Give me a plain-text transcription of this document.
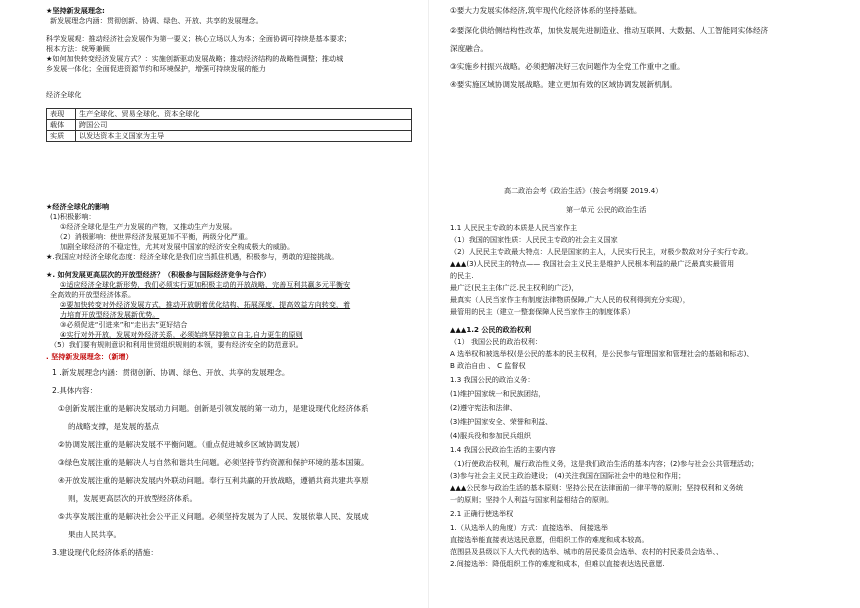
★坚持新发展理念:
新发展理念内涵：贯彻创新、协调、绿色、开放、共享的发展理念。
科学发展观：推动经济社会发展作为第一要义；核心立场以人为本；全面协调可持续是基本要求；
根本方法：统筹兼顾
★如何加快转变经济发展方式？：实施创新驱动发展战略；推动经济结构的战略性调整；推动城
乡发展一体化；全面促进资源节约和环境保护，增强可持续发展的能力
经济全球化
表现	生产全球化、贸易全球化、资本全球化
载体	跨国公司
实质	以发达资本主义国家为主导
★经济全球化的影响
(1)积极影响：
①经济全球化是生产力发展的产物，又推动生产力发展。
（2）消极影响：使世界经济发展更加不平衡，两级分化严重。
加剧全球经济的不稳定性，尤其对发展中国家的经济安全构成极大的威胁。
★.我国应对经济全球化态度：经济全球化是我们应当抓住机遇，积极参与，勇敢的迎接挑战。
★. 如何发展更高层次的开放型经济？（积极参与国际经济竞争与合作）
①适应经济全球化新形势，我们必须实行更加积极主动的开放战略，完善互利共赢多元平衡安
全高效的开放型经济体系。
②要加快转变对外经济发展方式，推动开放朝着优化结构、拓展深度、提高效益方向转变，着
力培育开放型经济发展新优势。
③必须促进“引进来”和“走出去”更好结合
④实行对外开放，发展对外经济关系，必须始终坚持独立自主,自力更生的原则
（5）我们要有规则意识和利用世贸组织规则的本领，要有经济安全的防范意识。
. 坚持新发展理念：（新增）
1 .新发展理念内涵：贯彻创新、协调、绿色、开放、共享的发展理念。
2.具体内容：
①创新发展注重的是解决发展动力问题。创新是引领发展的第一动力，是建设现代化经济体系
的战略支撑，是发展的基点
②协调发展注重的是解决发展不平衡问题。（重点促进城乡区域协调发展）
③绿色发展注重的是解决人与自然和谐共生问题。必须坚持节约资源和保护环境的基本国策。
④开放发展注重的是解决发展内外联动问题。奉行互利共赢的开放战略，遵循共商共建共享原
则，发展更高层次的开放型经济体系。
⑤共享发展注重的是解决社会公平正义问题。必须坚持发展为了人民、发展依靠人民、发展成
果由人民共享。
3.建设现代化经济体系的措施：
①要大力发展实体经济,筑牢现代化经济体系的坚持基础。
②要深化供给侧结构性改革，加快发展先进制造业、推动互联网、大数据、人工智能同实体经济
深度融合。
③实施乡村振兴战略。必须把解决好三农问题作为全党工作重中之重。
④要实施区域协调发展战略。建立更加有效的区域协调发展新机制。
高二政治会考《政治生活》（按会考纲要 2019.4）
第一单元 公民的政治生活
1.1 人民民主专政的本质是人民当家作主
（1）我国的国家性质：人民民主专政的社会主义国家
（2）人民民主专政最大特点：人民是国家的主人，人民实行民主，对极少数敌对分子实行专政。
▲▲▲(3)人民民主的特点—— 我国社会主义民主是维护人民根本利益的最广泛最真实最管用
的民主.
最广泛(民主主体广泛.民主权利的广泛)，
最真实（人民当家作主有制度法律物质保障,广大人民的权利得到充分实现），
最管用的民主（建立一整套保障人民当家作主的制度体系）
▲▲▲1.2 公民的政治权利
（1） 我国公民的政治权利：
A 选举权和被选举权(是公民的基本的民主权利，是公民参与管理国家和管理社会的基础和标志)、
B 政治自由 、 C 监督权
1.3 我国公民的政治义务：
(1)维护国家统一和民族团结，
(2)遵守宪法和法律、
(3)维护国家安全、荣誉和利益、
(4)服兵役和参加民兵组织
1.4 我国公民政治生活的主要内容
（1)行使政治权利，履行政治性义务，这是我们政治生活的基本内容；(2)参与社会公共管理活动；
(3)参与社会主义民主政治建设； (4)关注我国在国际社会中的地位和作用；
▲▲▲公民参与政治生活的基本原则：坚持公民在法律面前一律平等的原则；坚持权利和义务统
一的原则；坚持个人利益与国家利益相结合的原则。
2.1 正确行使选举权
1.（从选举人的角度）方式：直接选举、 间接选举
直接选举能直接表达选民意愿，但组织工作的难度和成本较高。
范围县及县级以下人大代表的选举、城市的居民委员会选举、农村的村民委员会选举、、
2.间接选举：降低组织工作的难度和成本，但难以直接表达选民意愿.
